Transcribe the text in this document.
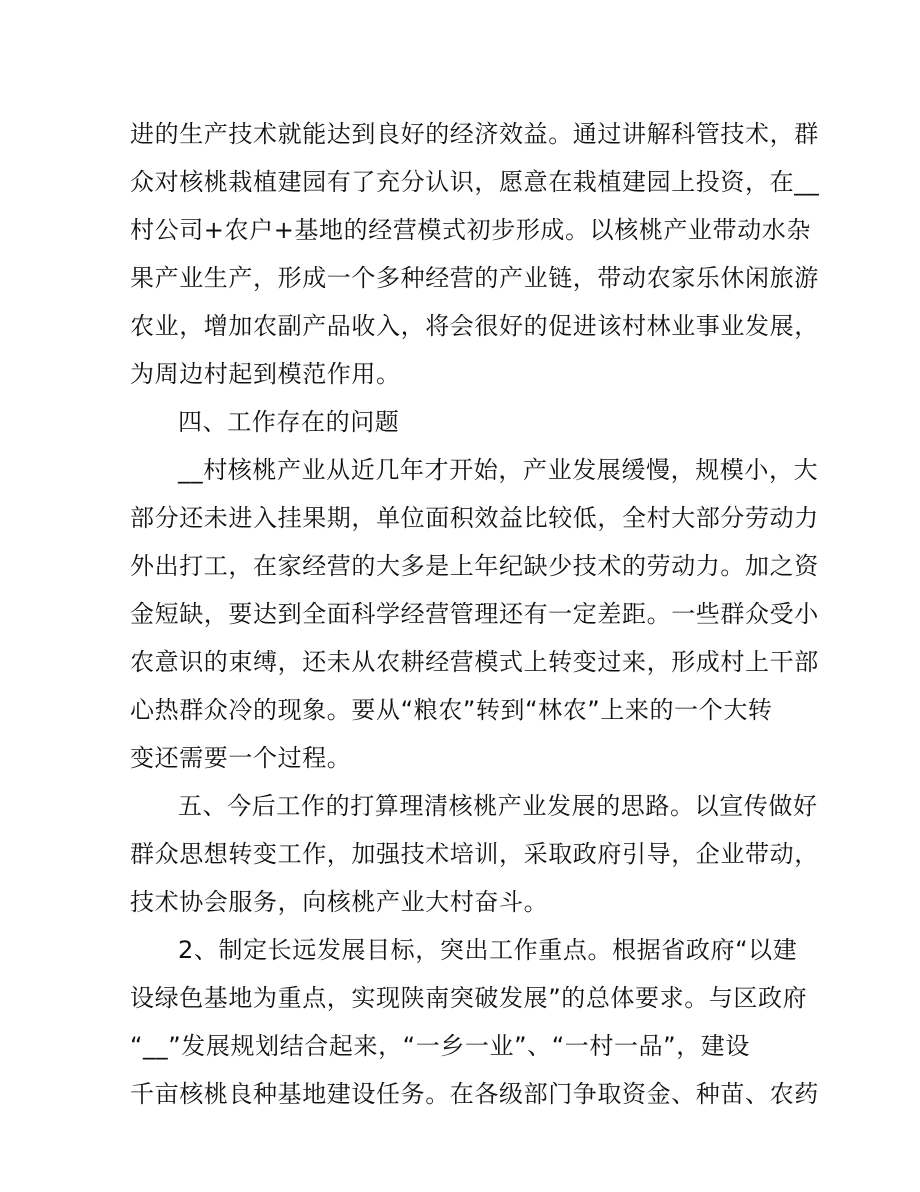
进的生产技术就能达到良好的经济效益。通过讲解科管技术，群
众对核桃栽植建园有了充分认识，愿意在栽植建园上投资，在__
村公司+农户+基地的经营模式初步形成。以核桃产业带动水杂
果产业生产，形成一个多种经营的产业链，带动农家乐休闲旅游
农业，增加农副产品收入，将会很好的促进该村林业事业发展，
为周边村起到模范作用。
四、工作存在的问题
__村核桃产业从近几年才开始，产业发展缓慢，规模小，大
部分还未进入挂果期，单位面积效益比较低，全村大部分劳动力
外出打工，在家经营的大多是上年纪缺少技术的劳动力。加之资
金短缺，要达到全面科学经营管理还有一定差距。一些群众受小
农意识的束缚，还未从农耕经营模式上转变过来，形成村上干部
心热群众冷的现象。要从“粮农”转到“林农”上来的一个大转
变还需要一个过程。
五、今后工作的打算理清核桃产业发展的思路。以宣传做好
群众思想转变工作，加强技术培训，采取政府引导，企业带动，
技术协会服务，向核桃产业大村奋斗。
2、制定长远发展目标，突出工作重点。根据省政府“以建
设绿色基地为重点，实现陕南突破发展”的总体要求。与区政府
“__”发展规划结合起来，“一乡一业”、“一村一品”，建设
千亩核桃良种基地建设任务。在各级部门争取资金、种苗、农药
